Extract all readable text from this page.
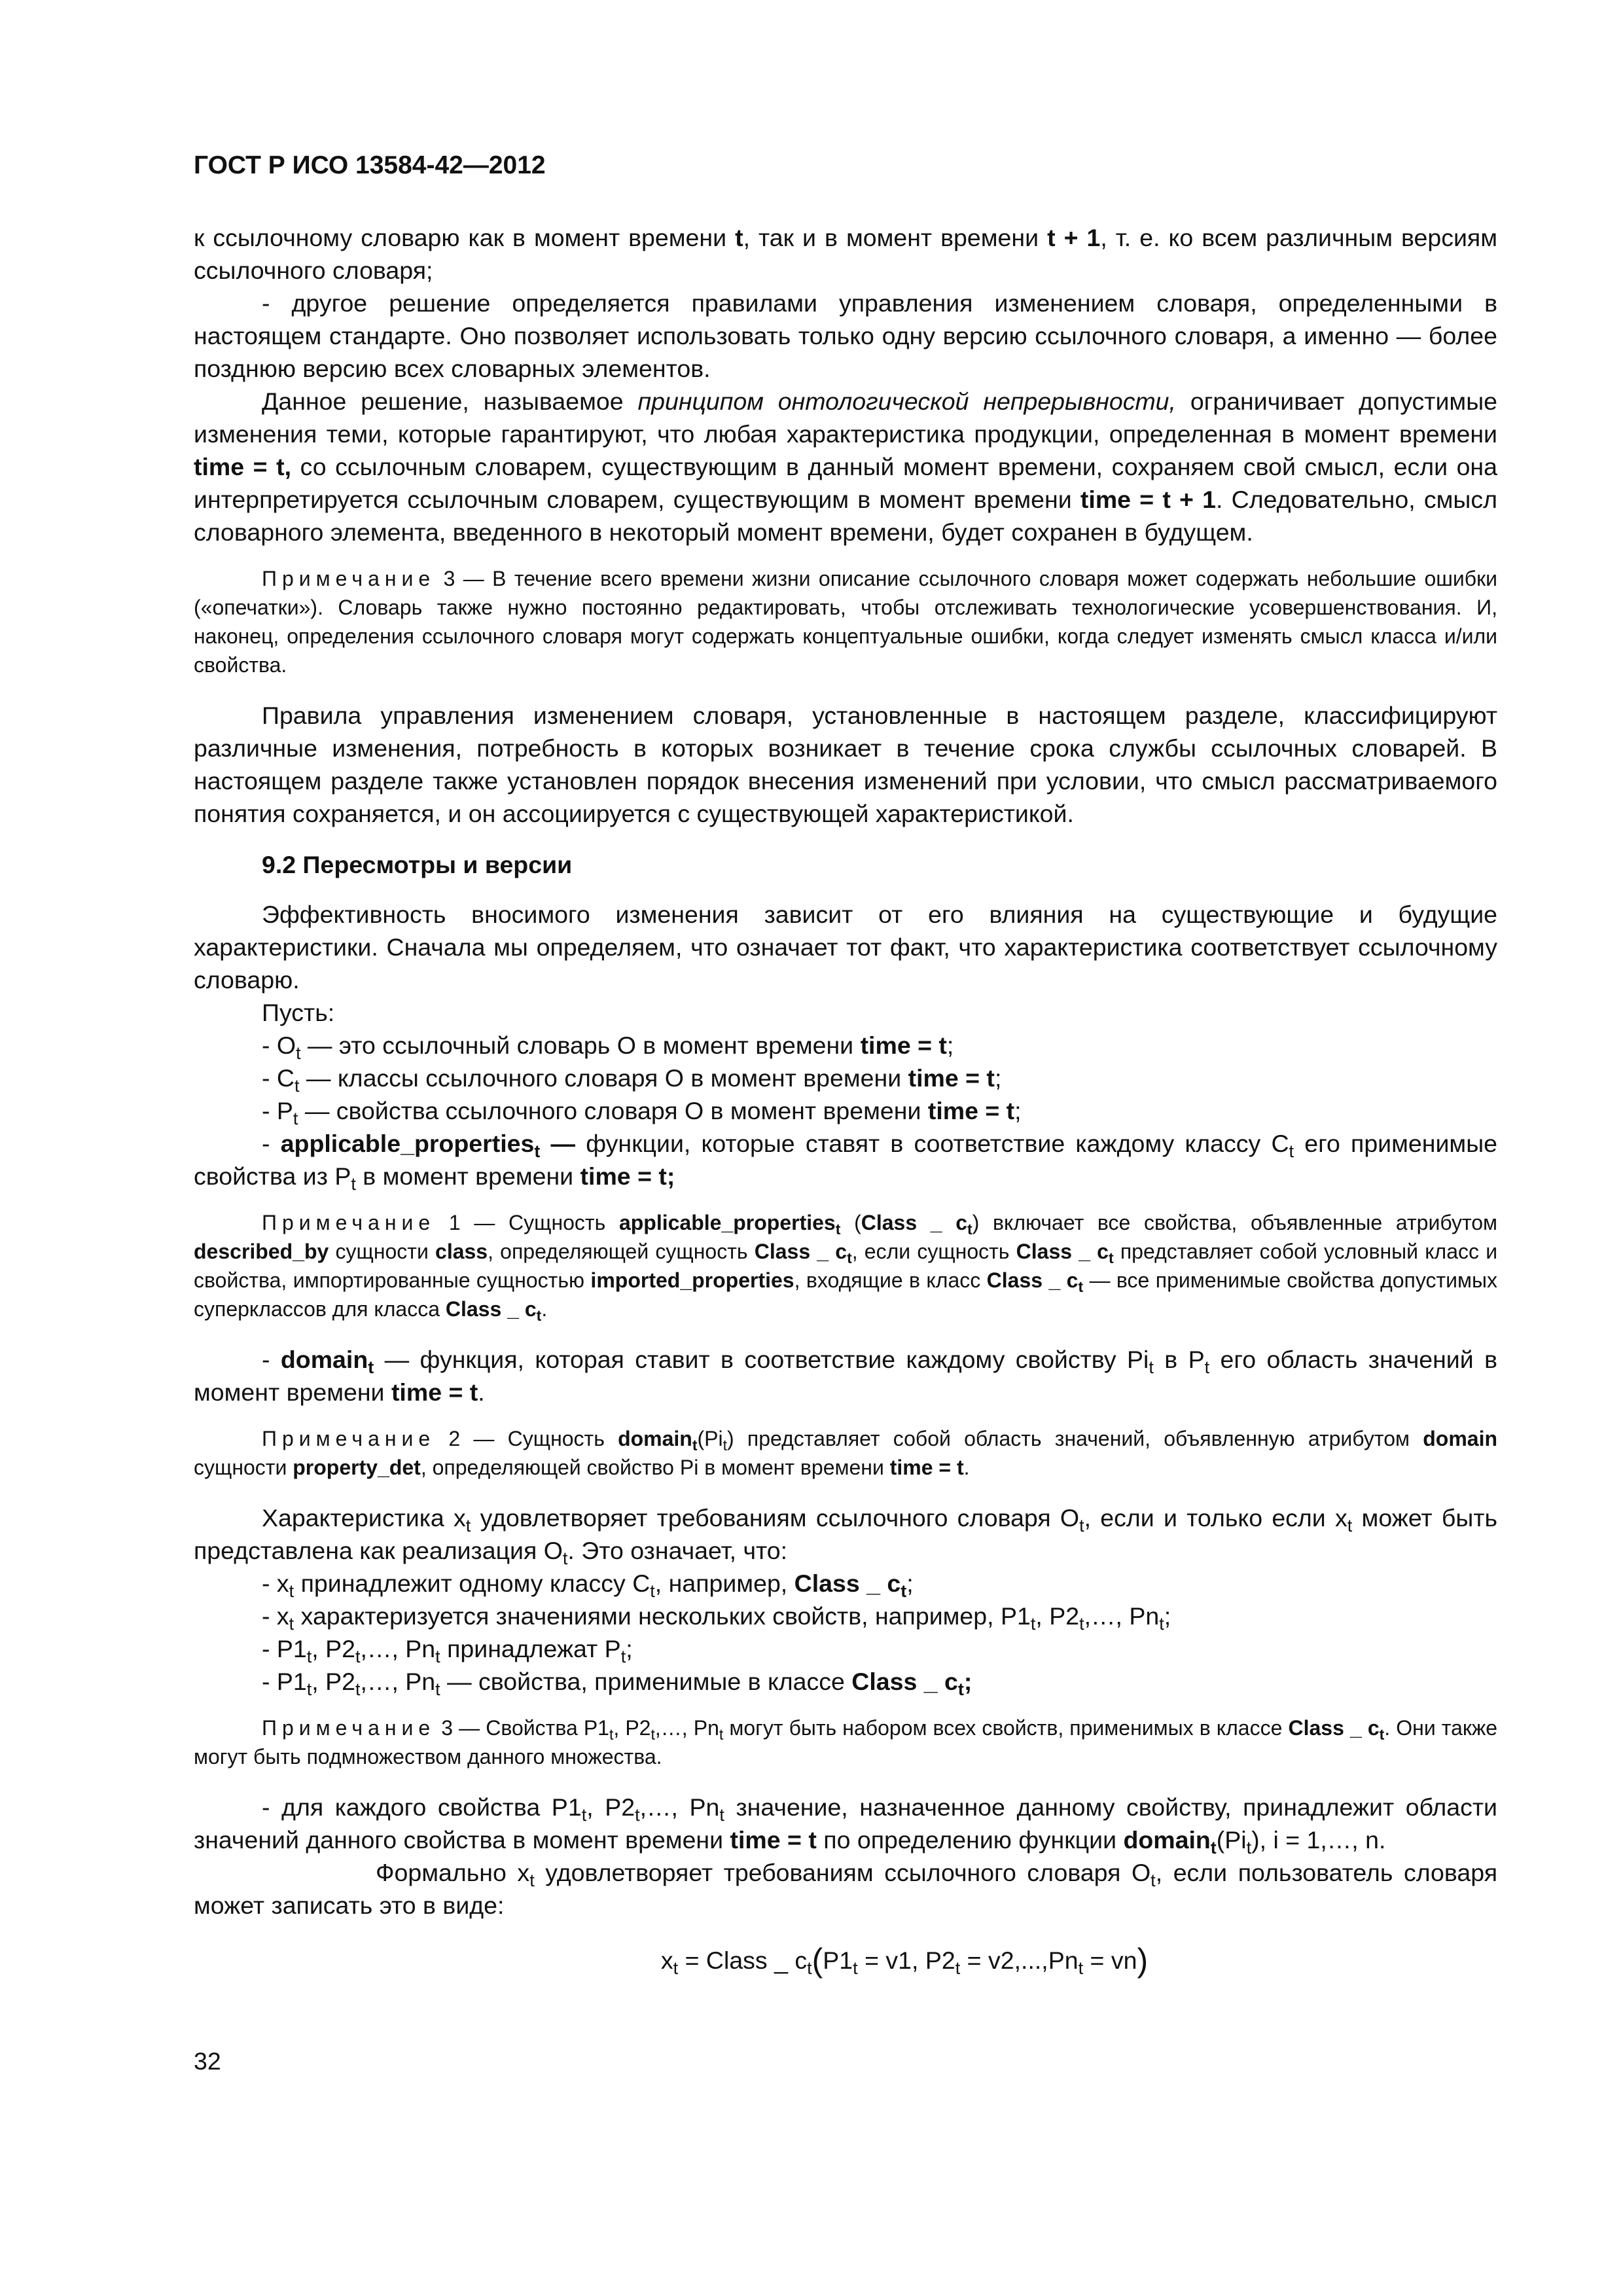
ГОСТ Р ИСО 13584-42—2012

к ссылочному словарю как в момент времени t, так и в момент времени t + 1, т. е. ко всем различным версиям ссылочного словаря;

- другое решение определяется правилами управления изменением словаря, определенными в настоящем стандарте. Оно позволяет использовать только одну версию ссылочного словаря, а именно — более позднюю версию всех словарных элементов.

Данное решение, называемое принципом онтологической непрерывности, ограничивает допустимые изменения теми, которые гарантируют, что любая характеристика продукции, определенная в момент времени time = t, со ссылочным словарем, существующим в данный момент времени, сохраняем свой смысл, если она интерпретируется ссылочным словарем, существующим в момент времени time = t + 1. Следовательно, смысл словарного элемента, введенного в некоторый момент времени, будет сохранен в будущем.

Примечание 3 — В течение всего времени жизни описание ссылочного словаря может содержать небольшие ошибки («опечатки»). Словарь также нужно постоянно редактировать, чтобы отслеживать технологические усовершенствования. И, наконец, определения ссылочного словаря могут содержать концептуальные ошибки, когда следует изменять смысл класса и/или свойства.

Правила управления изменением словаря, установленные в настоящем разделе, классифицируют различные изменения, потребность в которых возникает в течение срока службы ссылочных словарей. В настоящем разделе также установлен порядок внесения изменений при условии, что смысл рассматриваемого понятия сохраняется, и он ассоциируется с существующей характеристикой.

9.2 Пересмотры и версии

Эффективность вносимого изменения зависит от его влияния на существующие и будущие характеристики. Сначала мы определяем, что означает тот факт, что характеристика соответствует ссылочному словарю.

Пусть:

- $O_t$ — это ссылочный словарь O в момент времени time = t;

- $C_t$ — классы ссылочного словаря O в момент времени time = t;

- $P_t$ — свойства ссылочного словаря O в момент времени time = t;

- applicable_properties$_t$ — функции, которые ставят в соответствие каждому классу $C_t$ его применимые свойства из $P_t$ в момент времени time = t;

Примечание 1 — Сущность applicable_properties$_t$ (Class _ $c_t$) включает все свойства, объявленные атрибутом described_by сущности class, определяющей сущность Class _ $c_t$, если сущность Class _ $c_t$ представляет собой условный класс и свойства, импортированные сущностью imported_properties, входящие в класс Class _ $c_t$ — все применимые свойства допустимых суперклассов для класса Class _ $c_t$.

- domain$_t$ — функция, которая ставит в соответствие каждому свойству $Pi_t$ в $P_t$ его область значений в момент времени time = t.

Примечание 2 — Сущность $domain_t(Pi_t)$ представляет собой область значений, объявленную атрибутом domain сущности property_det, определяющей свойство Pi в момент времени time = t.

Характеристика $x_t$ удовлетворяет требованиям ссылочного словаря $O_t$, если и только если $x_t$ может быть представлена как реализация $O_t$. Это означает, что:

- $x_t$ принадлежит одному классу $C_t$, например, Class _ $c_t$;

- $x_t$ характеризуется значениями нескольких свойств, например, $P1_t$, $P2_t,\dots$, $Pn_t$;

- $P1_t$, $P2_t,\dots$, $Pn_t$ принадлежат $P_t$;

- $P1_t$, $P2_t,\dots$, $Pn_t$ — свойства, применимые в классе Class _ $c_t$;

Примечание 3 — Свойства $P1_t$, $P2_t,\dots$, $Pn_t$ могут быть набором всех свойств, применимых в классе Class _ $c_t$. Они также могут быть подмножеством данного множества.

- для каждого свойства $P1_t$, $P2_t,\dots$, $Pn_t$ значение, назначенное данному свойству, принадлежит области значений данного свойства в момент времени time = t по определению функции $domain_t(Pi_t)$, i = 1,…, n.

Формально $x_t$ удовлетворяет требованиям ссылочного словаря $O_t$, если пользователь словаря может записать это в виде:

$x_t$ = Class _ $c_t(P1_t = v1$, $P2_t = v2,...,Pn_t = vn$)
32
